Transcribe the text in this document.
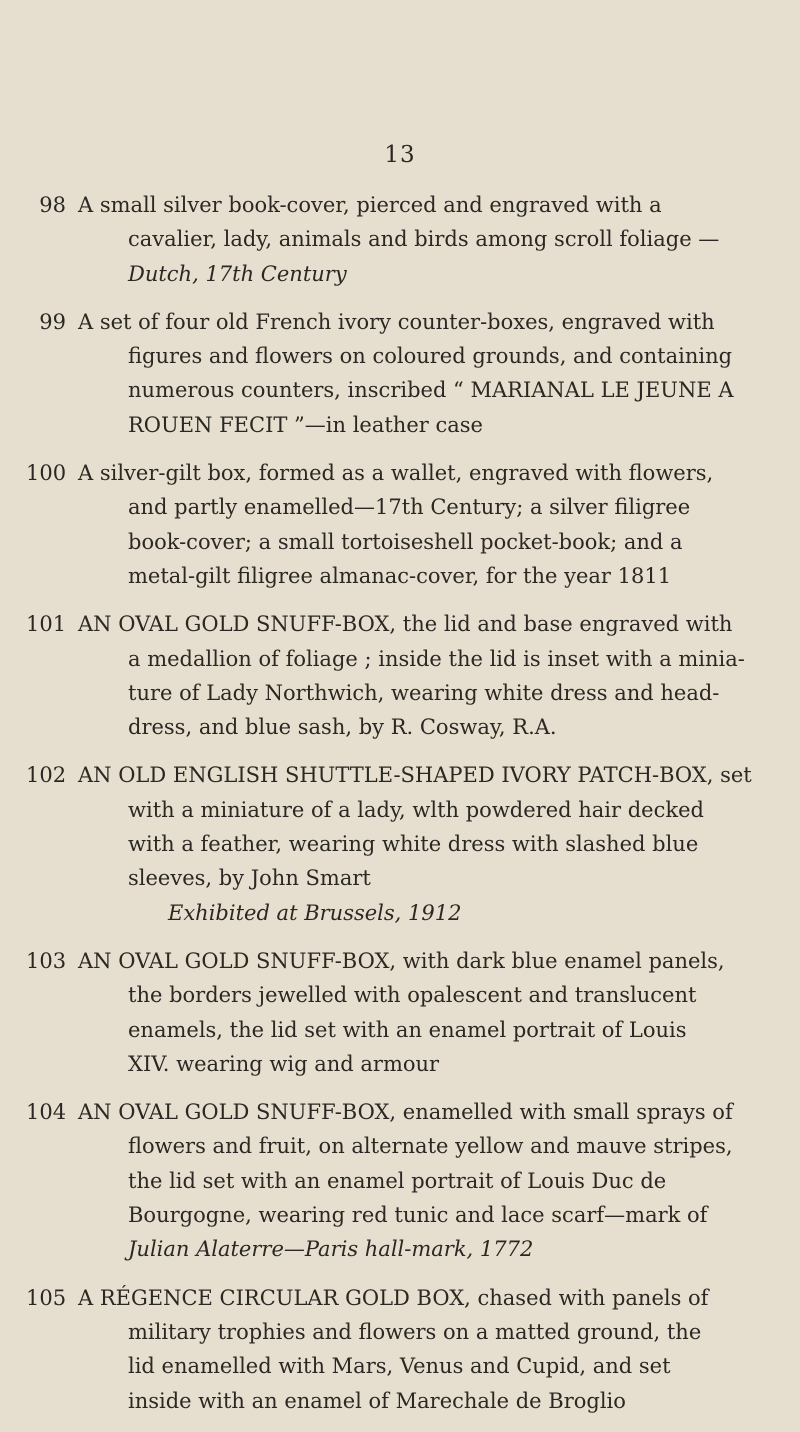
13
98 A small silver book-cover, pierced and engraved with a
cavalier, lady, animals and birds among scroll foliage —
Dutch, 17th Century
99 A set of four old French ivory counter-boxes, engraved with
figures and flowers on coloured grounds, and containing
numerous counters, inscribed “ MARIANAL LE JEUNE A
ROUEN FECIT ”—in leather case
100 A silver-gilt box, formed as a wallet, engraved with flowers,
and partly enamelled—17th Century; a silver filigree
book-cover; a small tortoiseshell pocket-book; and a
metal-gilt filigree almanac-cover, for the year 1811
101 AN OVAL GOLD SNUFF-BOX, the lid and base engraved with
a medallion of foliage ; inside the lid is inset with a minia-
ture of Lady Northwich, wearing white dress and head-
dress, and blue sash, by R. Cosway, R.A.
102 AN OLD ENGLISH SHUTTLE-SHAPED IVORY PATCH-BOX, set
with a miniature of a lady, wlth powdered hair decked
with a feather, wearing white dress with slashed blue
sleeves, by John Smart
Exhibited at Brussels, 1912
103 AN OVAL GOLD SNUFF-BOX, with dark blue enamel panels,
the borders jewelled with opalescent and translucent
enamels, the lid set with an enamel portrait of Louis
XIV. wearing wig and armour
104 AN OVAL GOLD SNUFF-BOX, enamelled with small sprays of
flowers and fruit, on alternate yellow and mauve stripes,
the lid set with an enamel portrait of Louis Duc de
Bourgogne, wearing red tunic and lace scarf—mark of
Julian Alaterre—Paris hall-mark, 1772
105 A RÉGENCE CIRCULAR GOLD BOX, chased with panels of
military trophies and flowers on a matted ground, the
lid enamelled with Mars, Venus and Cupid, and set
inside with an enamel of Marechale de Broglio
